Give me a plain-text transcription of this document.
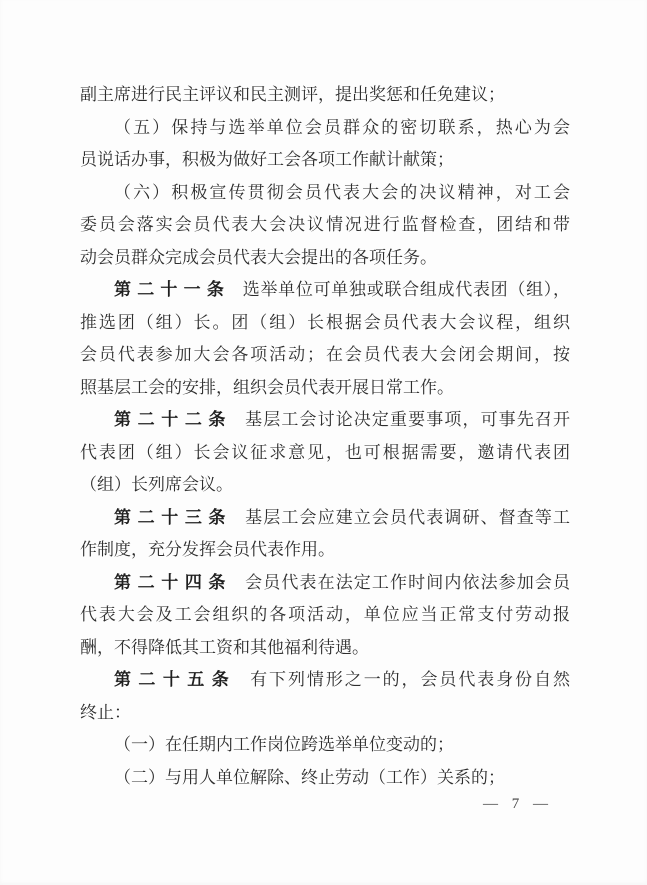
副主席进行民主评议和民主测评，提出奖惩和任免建议；
（五）保持与选举单位会员群众的密切联系，热心为会
员说话办事，积极为做好工会各项工作献计献策；
（六）积极宣传贯彻会员代表大会的决议精神，对工会
委员会落实会员代表大会决议情况进行监督检查，团结和带
动会员群众完成会员代表大会提出的各项任务。
第二十一条 选举单位可单独或联合组成代表团（组），
推选团（组）长。团（组）长根据会员代表大会议程，组织
会员代表参加大会各项活动；在会员代表大会闭会期间，按
照基层工会的安排，组织会员代表开展日常工作。
第二十二条 基层工会讨论决定重要事项，可事先召开
代表团（组）长会议征求意见，也可根据需要，邀请代表团
（组）长列席会议。
第二十三条 基层工会应建立会员代表调研、督查等工
作制度，充分发挥会员代表作用。
第二十四条 会员代表在法定工作时间内依法参加会员
代表大会及工会组织的各项活动，单位应当正常支付劳动报
酬，不得降低其工资和其他福利待遇。
第二十五条 有下列情形之一的，会员代表身份自然
终止：
（一）在任期内工作岗位跨选举单位变动的；
（二）与用人单位解除、终止劳动（工作）关系的；
— 7 —
